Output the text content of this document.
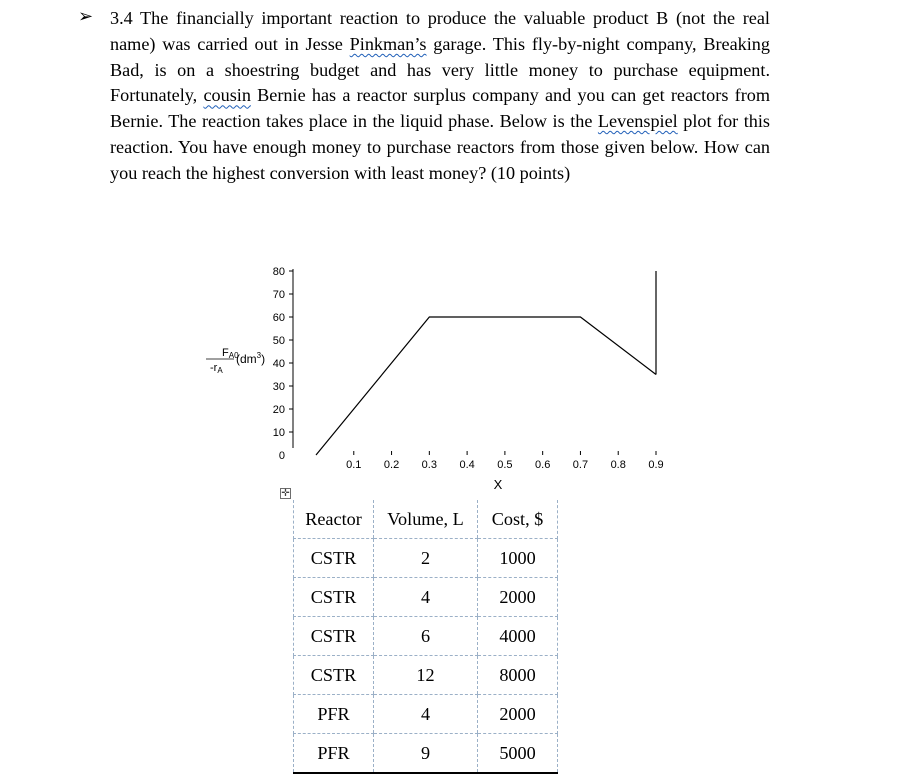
➢ 3.4 The financially important reaction to produce the valuable product B (not the real name) was carried out in Jesse Pinkman’s garage. This fly-by-night company, Breaking Bad, is on a shoestring budget and has very little money to purchase equipment. Fortunately, cousin Bernie has a reactor surplus company and you can get reactors from Bernie. The reaction takes place in the liquid phase. Below is the Levenspiel plot for this reaction. You have enough money to purchase reactors from those given below. How can you reach the highest conversion with least money? (10 points)

FA0
-rA
$(dm^3)$
0
10
20
30
40
50
60
70
80
0.1 0.2 0.3 0.4 0.5 0.6 0.7 0.8 0.9
X
✛
Reactor	Volume, L	Cost, $
CSTR	2	1000
CSTR	4	2000
CSTR	6	4000
CSTR	12	8000
PFR	4	2000
PFR	9	5000
